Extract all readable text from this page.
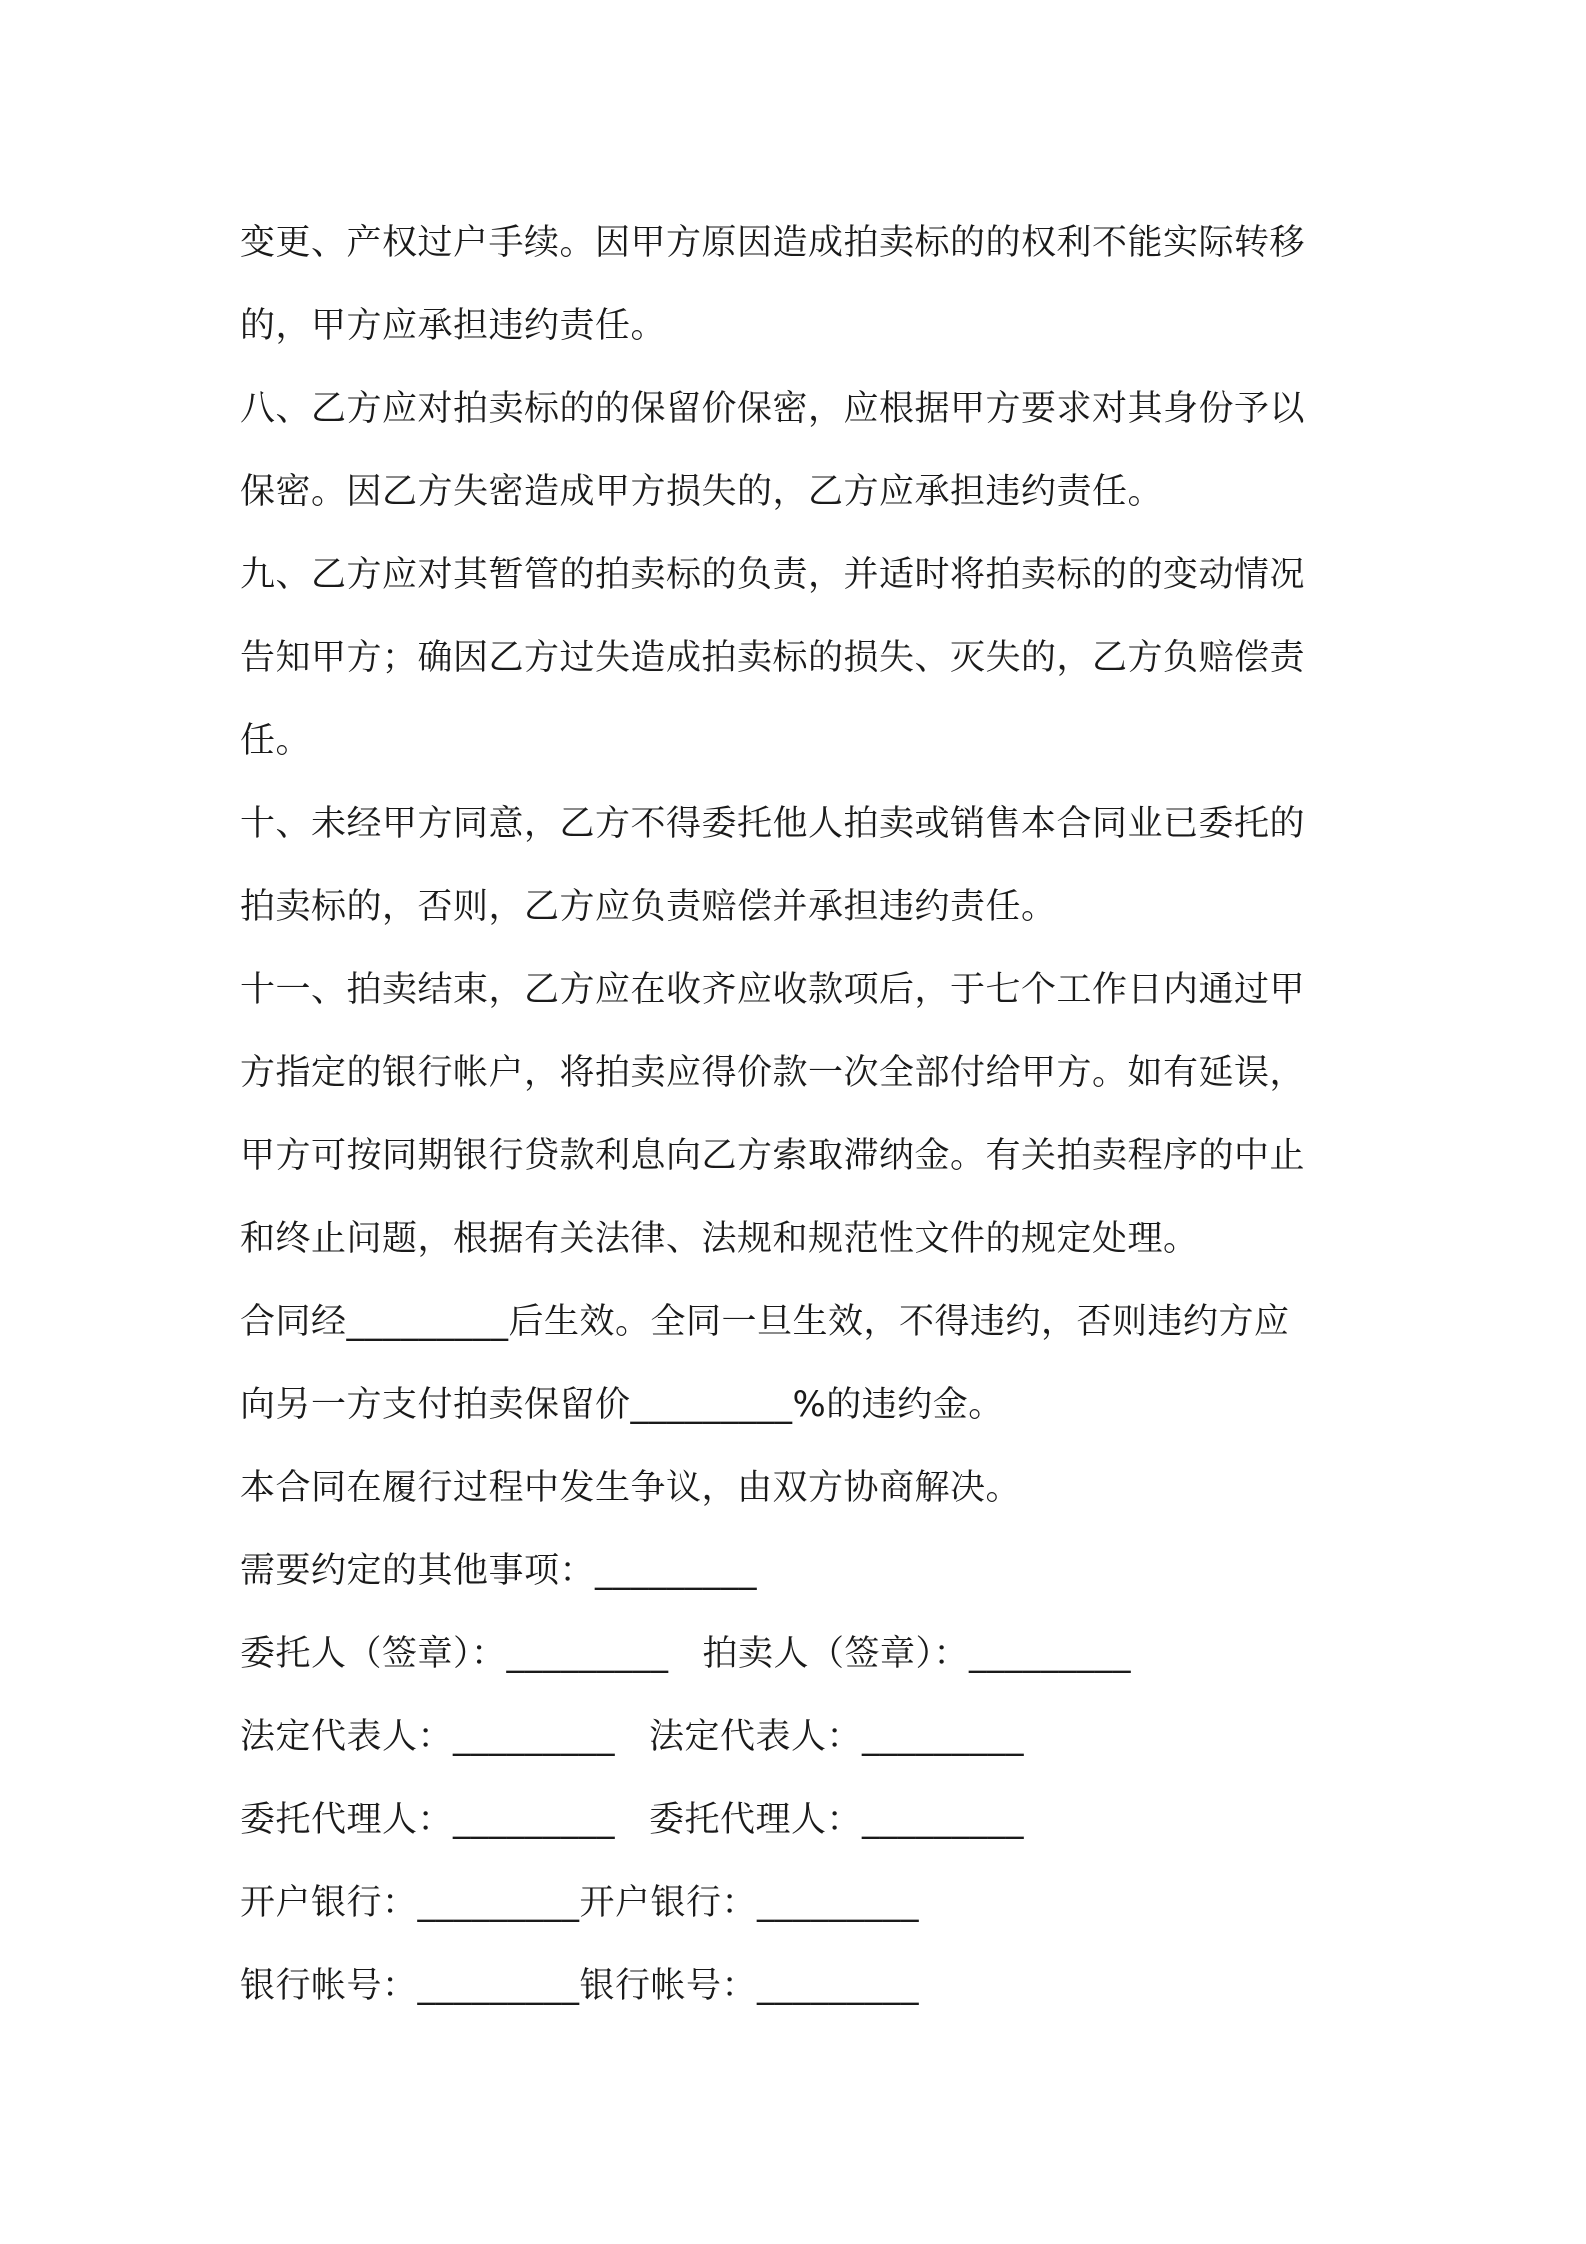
变更、产权过户手续。因甲方原因造成拍卖标的的权利不能实际转移
的，甲方应承担违约责任。
八、乙方应对拍卖标的的保留价保密，应根据甲方要求对其身份予以
保密。因乙方失密造成甲方损失的，乙方应承担违约责任。
九、乙方应对其暂管的拍卖标的负责，并适时将拍卖标的的变动情况
告知甲方；确因乙方过失造成拍卖标的损失、灭失的，乙方负赔偿责
任。
十、未经甲方同意，乙方不得委托他人拍卖或销售本合同业已委托的
拍卖标的，否则，乙方应负责赔偿并承担违约责任。
十一、拍卖结束，乙方应在收齐应收款项后，于七个工作日内通过甲
方指定的银行帐户，将拍卖应得价款一次全部付给甲方。如有延误，
甲方可按同期银行贷款利息向乙方索取滞纳金。有关拍卖程序的中止
和终止问题，根据有关法律、法规和规范性文件的规定处理。
合同经_________后生效。全同一旦生效，不得违约，否则违约方应
向另一方支付拍卖保留价_________%的违约金。
本合同在履行过程中发生争议，由双方协商解决。
需要约定的其他事项：_________
委托人（签章）：_________ 拍卖人（签章）：_________
法定代表人：_________ 法定代表人：_________
委托代理人：_________ 委托代理人：_________
开户银行：_________开户银行：_________
银行帐号：_________银行帐号：_________
